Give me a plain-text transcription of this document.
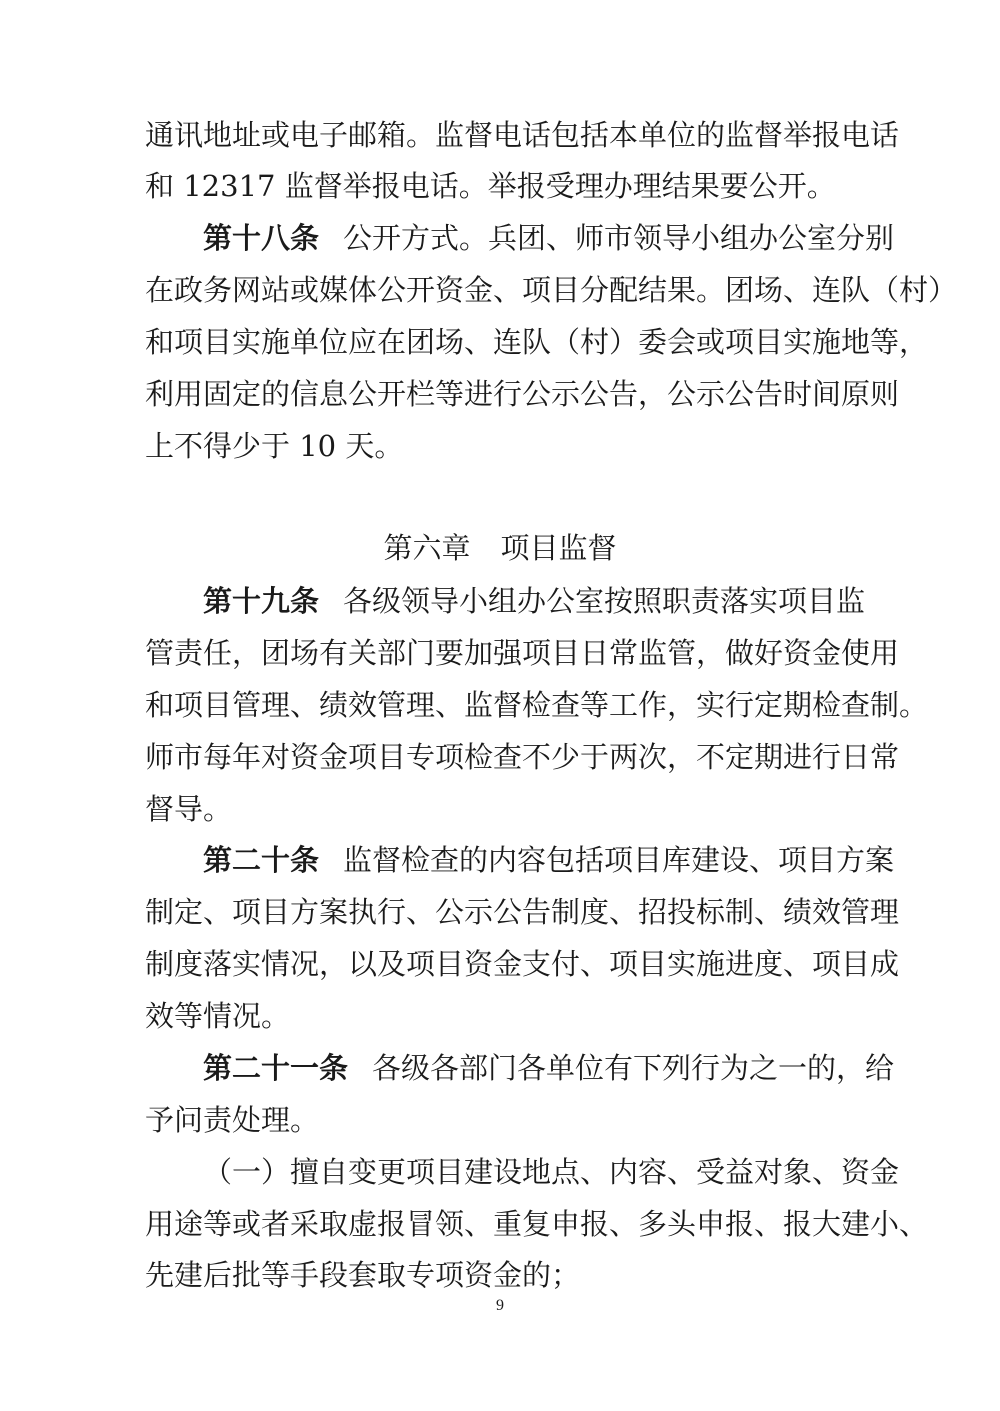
通讯地址或电子邮箱。监督电话包括本单位的监督举报电话
和 12317 监督举报电话。举报受理办理结果要公开。
第十八条 公开方式。兵团、师市领导小组办公室分别
在政务网站或媒体公开资金、项目分配结果。团场、连队（村）
和项目实施单位应在团场、连队（村）委会或项目实施地等，
利用固定的信息公开栏等进行公示公告，公示公告时间原则
上不得少于 10 天。
第六章 项目监督
第十九条 各级领导小组办公室按照职责落实项目监
管责任，团场有关部门要加强项目日常监管，做好资金使用
和项目管理、绩效管理、监督检查等工作，实行定期检查制。
师市每年对资金项目专项检查不少于两次，不定期进行日常
督导。
第二十条 监督检查的内容包括项目库建设、项目方案
制定、项目方案执行、公示公告制度、招投标制、绩效管理
制度落实情况，以及项目资金支付、项目实施进度、项目成
效等情况。
第二十一条 各级各部门各单位有下列行为之一的，给
予问责处理。
（一）擅自变更项目建设地点、内容、受益对象、资金
用途等或者采取虚报冒领、重复申报、多头申报、报大建小、
先建后批等手段套取专项资金的；
9
